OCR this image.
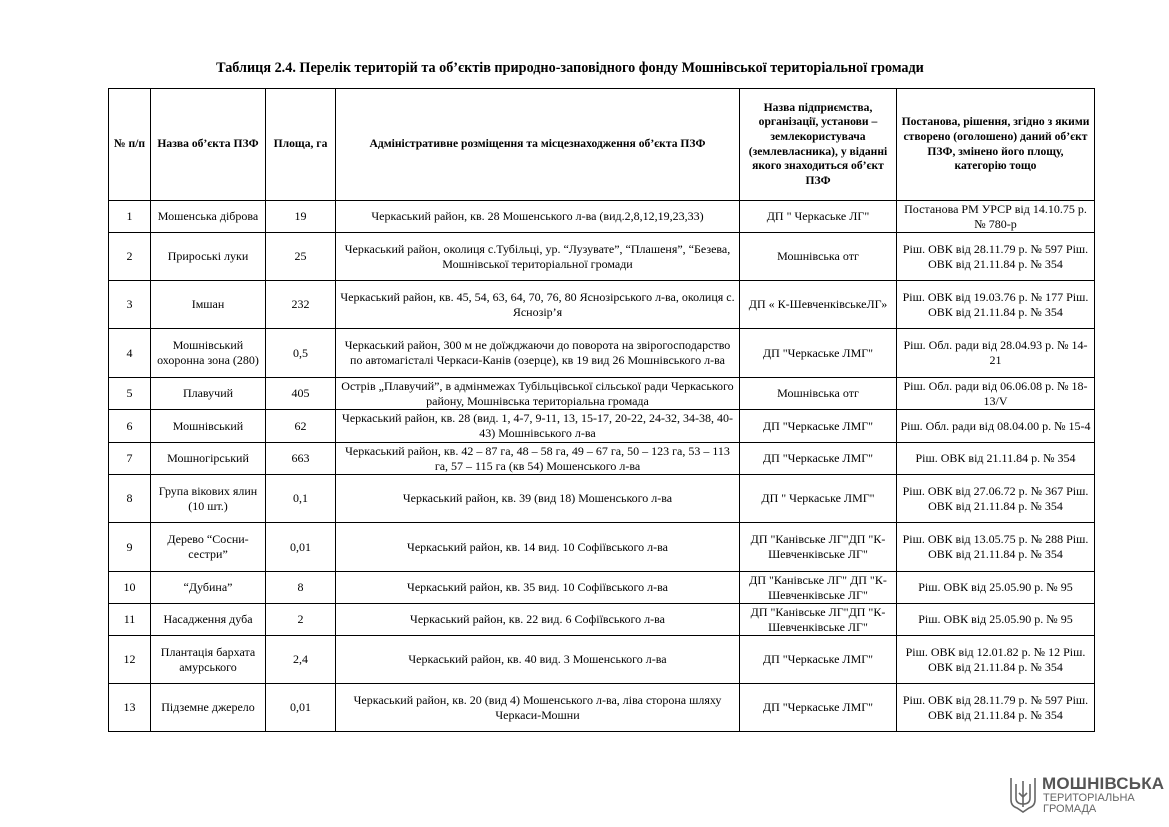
Таблиця 2.4. Перелік територій та об’єктів природно-заповідного фонду Мошнівської територіальної громади
№ п/п	Назва об’єкта ПЗФ	Площа, га	Адміністративне розміщення та місцезнаходження об’єкта ПЗФ	Назва підприємства, організації, установи – землекористувача (землевласника), у віданні якого знаходиться об’єкт ПЗФ	Постанова, рішення, згідно з якими створено (оголошено) даний об’єкт ПЗФ, змінено його площу, категорію тощо
1	Мошенська діброва	19	Черкаський район, кв. 28 Мошенського л-ва (вид.2,8,12,19,23,33)	ДП " Черкаське ЛГ"	Постанова РМ УРСР від 14.10.75 р. № 780-р
2	Прироські луки	25	Черкаський район, околиця с.Тубільці, ур. “Лузувате”, “Плашеня”, “Безева, Мошнівської територіальної громади	Мошнівська отг	Ріш. ОВК від 28.11.79 р. № 597 Ріш. ОВК від 21.11.84 р. № 354
3	Імшан	232	Черкаський район, кв. 45, 54, 63, 64, 70, 76, 80 Яснозірського л-ва, околиця с. Яснозір’я	ДП « К-ШевченківськеЛГ»	Ріш. ОВК від 19.03.76 р. № 177 Ріш. ОВК від 21.11.84 р. № 354
4	Мошнівський охоронна зона (280)	0,5	Черкаський район, 300 м не доїжджаючи до поворота на звірогосподарство по автомагісталі Черкаси-Канів (озерце), кв 19 вид 26 Мошнівського л-ва	ДП "Черкаське ЛМГ"	Ріш. Обл. ради від 28.04.93 р. № 14-21
5	Плавучий	405	Острів „Плавучий”, в адмінмежах Тубільцівської сільської ради Черкаського району, Мошнівська територіальна громада	Мошнівська отг	Ріш. Обл. ради від 06.06.08 р. № 18-13/V
6	Мошнівський	62	Черкаський район, кв. 28 (вид. 1, 4-7, 9-11, 13, 15-17, 20-22, 24-32, 34-38, 40-43) Мошнівського л-ва	ДП "Черкаське ЛМГ"	Ріш. Обл. ради від 08.04.00 р. № 15-4
7	Мошногірський	663	Черкаський район, кв. 42 – 87 га, 48 – 58 га, 49 – 67 га, 50 – 123 га, 53 – 113 га, 57 – 115 га (кв 54) Мошенського л-ва	ДП "Черкаське ЛМГ"	Ріш. ОВК від 21.11.84 р. № 354
8	Група вікових ялин (10 шт.)	0,1	Черкаський район, кв. 39 (вид 18) Мошенського л-ва	ДП " Черкаське ЛМГ"	Ріш. ОВК від 27.06.72 р. № 367 Ріш. ОВК від 21.11.84 р. № 354
9	Дерево “Сосни-сестри”	0,01	Черкаський район, кв. 14 вид. 10 Софіївського л-ва	ДП "Канівське ЛГ"ДП "К-Шевченківське ЛГ"	Ріш. ОВК від 13.05.75 р. № 288 Ріш. ОВК від 21.11.84 р. № 354
10	“Дубина”	8	Черкаський район, кв. 35 вид. 10 Софіївського л-ва	ДП "Канівське ЛГ" ДП "К-Шевченківське ЛГ"	Ріш. ОВК від 25.05.90 р. № 95
11	Насадження дуба	2	Черкаський район, кв. 22 вид. 6 Софіївського л-ва	ДП "Канівське ЛГ"ДП "К-Шевченківське ЛГ"	Ріш. ОВК від 25.05.90 р. № 95
12	Плантація бархата амурського	2,4	Черкаський район, кв. 40 вид. 3 Мошенського л-ва	ДП "Черкаське ЛМГ"	Ріш. ОВК від 12.01.82 р. № 12 Ріш. ОВК від 21.11.84 р. № 354
13	Підземне джерело	0,01	Черкаський район, кв. 20 (вид 4) Мошенського л-ва, ліва сторона шляху Черкаси-Мошни	ДП "Черкаське ЛМГ"	Ріш. ОВК від 28.11.79 р. № 597 Ріш. ОВК від 21.11.84 р. № 354
МОШНІВСЬКА
ТЕРИТОРІАЛЬНА
ГРОМАДА
